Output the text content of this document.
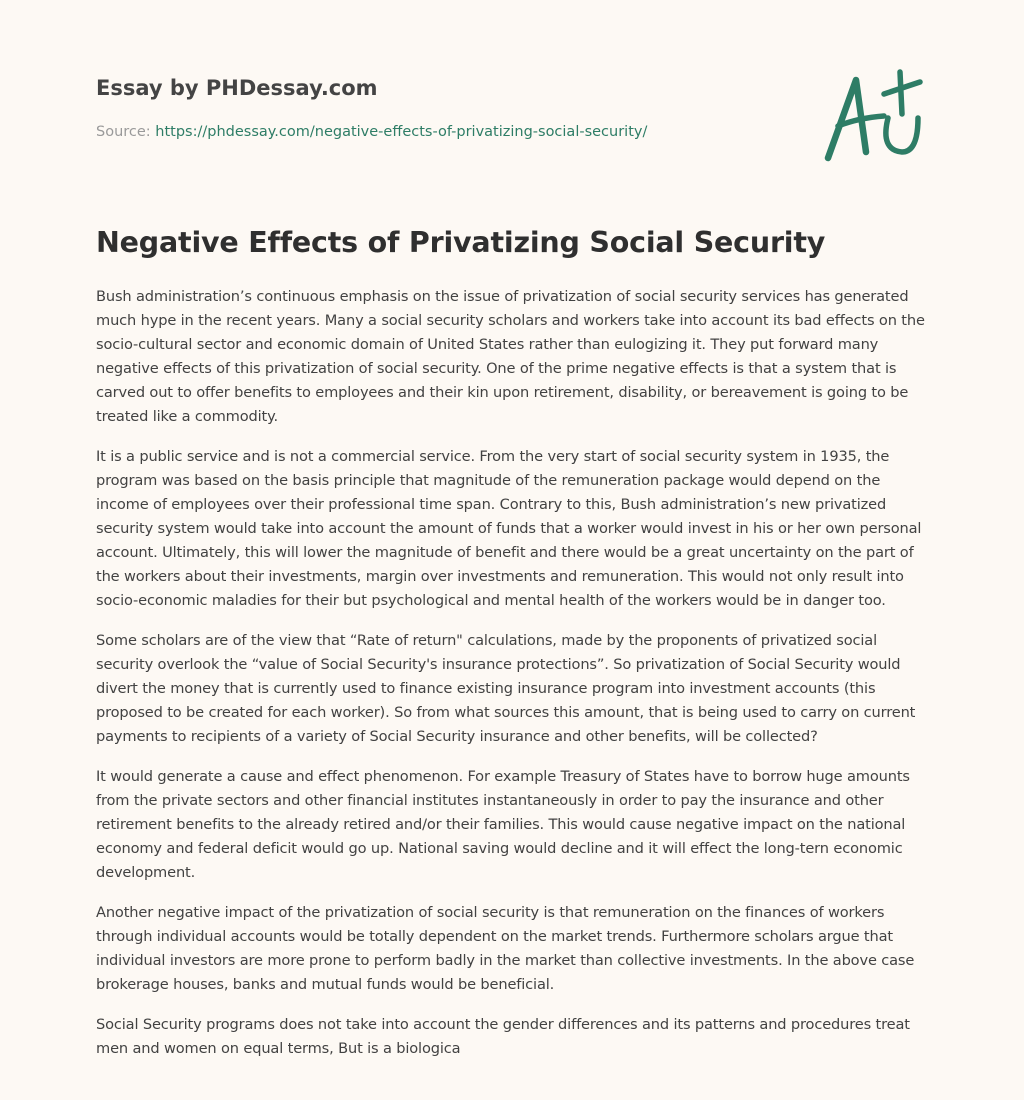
Essay by PHDessay.com
Source: https://phdessay.com/negative-effects-of-privatizing-social-security/
Negative Effects of Privatizing Social Security

Bush administration’s continuous emphasis on the issue of privatization of social security services has generated much hype in the recent years. Many a social security scholars and workers take into account its bad effects on the socio-cultural sector and economic domain of United States rather than eulogizing it. They put forward many negative effects of this privatization of social security. One of the prime negative effects is that a system that is carved out to offer benefits to employees and their kin upon retirement, disability, or bereavement is going to be treated like a commodity.

It is a public service and is not a commercial service. From the very start of social security system in 1935, the program was based on the basis principle that magnitude of the remuneration package would depend on the income of employees over their professional time span. Contrary to this, Bush administration’s new privatized security system would take into account the amount of funds that a worker would invest in his or her own personal account. Ultimately, this will lower the magnitude of benefit and there would be a great uncertainty on the part of the workers about their investments, margin over investments and remuneration. This would not only result into socio-economic maladies for their but psychological and mental health of the workers would be in danger too.

Some scholars are of the view that “Rate of return" calculations, made by the proponents of privatized social security overlook the “value of Social Security's insurance protections”. So privatization of Social Security would divert the money that is currently used to finance existing insurance program into investment accounts (this proposed to be created for each worker). So from what sources this amount, that is being used to carry on current payments to recipients of a variety of Social Security insurance and other benefits, will be collected?

It would generate a cause and effect phenomenon. For example Treasury of States have to borrow huge amounts from the private sectors and other financial institutes instantaneously in order to pay the insurance and other retirement benefits to the already retired and/or their families. This would cause negative impact on the national economy and federal deficit would go up. National saving would decline and it will effect the long-tern economic development.

Another negative impact of the privatization of social security is that remuneration on the finances of workers through individual accounts would be totally dependent on the market trends. Furthermore scholars argue that individual investors are more prone to perform badly in the market than collective investments. In the above case brokerage houses, banks and mutual funds would be beneficial.

Social Security programs does not take into account the gender differences and its patterns and procedures treat men and women on equal terms, But is a biologica
